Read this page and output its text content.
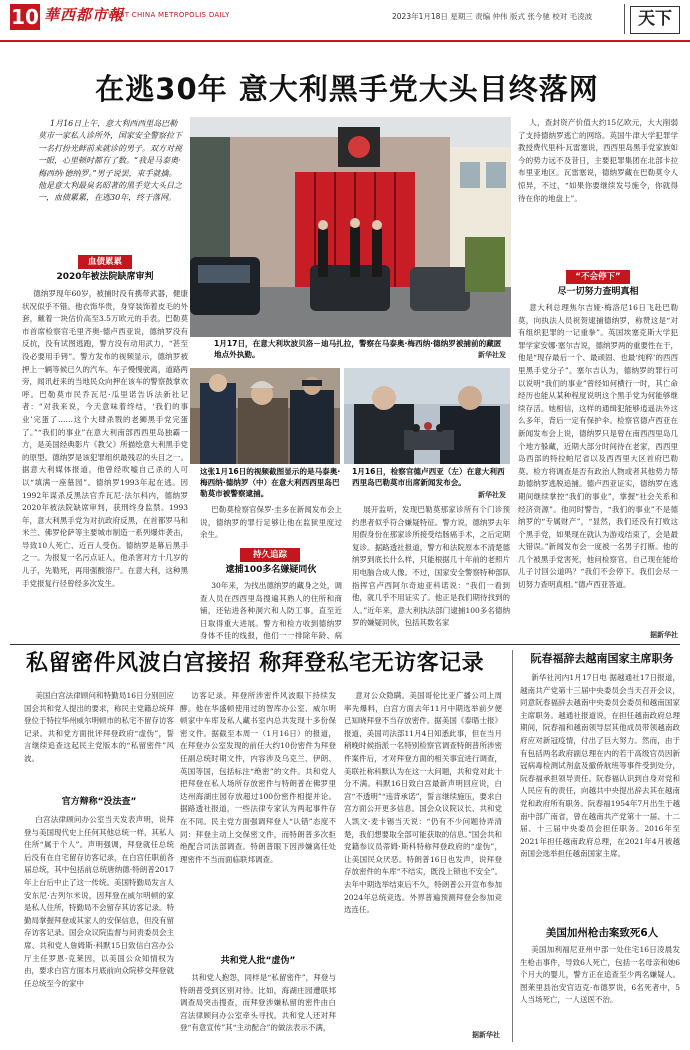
10 華西都市報
WEST CHINA METROPOLIS DAILY	2023年1月18日 星期三 责编 仲伟 版式 张今驰 校对 毛凌波	天下
在逃30年 意大利黑手党大头目终落网
1月16日上午，意大利西西里岛巴勒莫市一家私人诊所外，国家安全警察拉下一名打扮光鲜前来就诊的男子。双方对视一眼，心里顿时都有了数。“我是马泰奥·梅西纳·德纳罗。”男子说罢，束手就擒。他是意大利最臭名昭著的黑手党大头目之一，血债累累，在逃30年，终于落网。
血债累累
2020年被法院缺席审判
德纳罗现年60岁，被捕时没有携带武器，健康状况似乎不错。他衣饰华贵，身穿装饰着皮毛的外套，戴着一块估价高至3.5万欧元的手表。巴勒莫市首席检察官毛里齐奥·德卢西亚说，德纳罗没有反抗，没有试图逃跑，警方没有动用武力，“甚至没必要用手铐”。警方发布的视频显示，德纳罗被押上一辆等候已久的汽车。车子慢慢驶离，道路两旁，闻讯赶来的当地民众向押在该车的警察鼓掌欢呼。巴勒莫市民乔瓦尼·瓜里诺告诉法新社记者：“对我来说，今天意味着终结，‘我们的事业’完蛋了……这个大肆杀戮的老狮黑手党完蛋了。”“我们的事业”在意大利南部西西里岛独霸一方，是美国经典影片《教父》所描绘意大利黑手党的原型。德纳罗是该犯罪组织最残忍的头目之一。据意大利媒体报道，他曾经吹嘘自己杀的人可以“填满一座墓园”。德纳罗1993年起在逃。因1992年谋杀反黑法官乔瓦尼·法尔科内，德纳罗2020年被法院缺席审判，获刑终身监禁。1993年，意大利黑手党为对抗政府反黑，在首都罗马和米兰、佛罗伦萨等主要城市制造一系列爆炸袭击，导致10人死亡、近百人受伤。德纳罗是幕后黑手之一。为报复一名污点证人，他杀害对方十几岁的儿子，先勒死，再用强酸溶尸。在意大利，这种黑手党报复行径曾经多次发生。
1月17日，在意大利坎波贝洛－迪马扎拉，警察在马泰奥·梅西纳·德纳罗被捕前的藏匿地点外执勤。	新华社发
这张1月16日的视频截图显示的是马泰奥·梅西纳·德纳罗（中）在意大利西西里岛巴勒莫市被警察逮捕。
1月16日，检察官德卢西亚（左）在意大利西西里岛巴勒莫市出席新闻发布会。
新华社发
巴勒莫检察官保罗·圭多在新闻发布会上说，德纳罗的罪行足够让他在监狱里度过余生。
持久追踪
逮捕100多名嫌疑同伙
30年来，为找出德纳罗的藏身之处，调查人员在西西里岛搜遍其熟人的住所和商铺，还钻进各种洞穴和人防工事，直至近日取得重大进展。警方和检方收到德纳罗身体不佳的线报，他们一一排除年龄、病
展开监听，发现巴勒莫那家诊所有个门诊预约患者似乎符合嫌疑特征。警方说，德纳罗去年用假身份在那家诊所接受结肠癌手术，之后定期复诊。据路透社报道，警方和法院原本不清楚德纳罗到底长什么样，只能根据几十年前的老照片用电脑合成人像。不过，国家安全警察特种部队指挥官卢西阿尔奇迪亚科诺说：“我们一看到他，就几乎不用证实了。他正是我们期待找到的人。”近年来，意大利执法部门逮捕100多名德纳罗的嫌疑同伙，包括其数名家
人，查封资产价值大约15亿欧元，大大削弱了支持德纳罗逃亡的网络。英国牛津大学犯罪学教授费代里科·瓦雷塞说，西西里岛黑手党家族如今的势力远不及昔日，主要犯罪集团在北部卡拉布里亚地区。瓦雷塞说，德纳罗藏在巴勒莫令人惊异，不过，“如果你要继续发号施令，你就得待在你的地盘上”。
“不会停下”
尽一切努力查明真相
意大利总理焦尔吉娅·梅洛尼16日飞赴巴勒莫，向执法人员祝贺逮捕德纳罗，称赞这是“对有组织犯罪的一记重拳”。英国埃塞克斯大学犯罪学家安娜·塞尔吉说，德纳罗两的重要性在于，他是“现存最后一个、最顽固、也最‘纯粹’的西西里黑手党分子”。塞尔吉认为，德纳罗的罪行可以说明“我们的事业”曾经如何横行一时，其亡命经历也能从某种程度说明这个黑手党为何能够继续存活。她相信，这样的通缉犯能够逍遥法外这么多年，背后一定有保护伞。检察官德卢西亚在新闻发布会上说，德纳罗只是曾在南西西里岛几个地方躲藏，近期大部分时间待在老家，西西里岛西部的特拉帕尼省以及西西里大区首府巴勒莫。检方将调查是否有政治人物或者其他势力帮助德纳罗逃脱追捕。德卢西亚证实，德纳罗在逃期间继续掌控“我们的事业”，掌握“社会关系和经济资源”。他同时警告，“我们的事业”不是德纳罗的“专属财产”，“显然，我们还没有打败这个黑手党，如果现在就认为游戏结束了，会是最大错误。”新闻发布会一度被一名男子打断。他的几个被黑手党害死，他问检察官，自己现在能给儿子讨回公道吗？“我们不会停下。我们会尽一切努力查明真相。”德卢西亚答道。
据新华社
私留密件风波白宫接招 称拜登私宅无访客记录
美国白宫法律顾问和特勤局16日分别回应国会共和党人提出的要求，称民主党籍总统拜登位于特拉华州威尔明顿市的私宅不留存访客记录。共和党方面批评拜登政府“虚伪”，誓言继续追查这起民主党版本的“私留密件”风波。
官方辩称“没法查”
白宫法律顾问办公室当天发表声明，说拜登与美国现代史上任何其他总统一样，其私人住所“属于个人”。声明强调，拜登就任总统后没有在自宅留存访客记录，在白宫任职前各届总统，其中包括前总统唐纳德·特朗普2017年上台后中止了这一传统。美国特勤局发言人安东尼·古列尔米说，因拜登在威尔明顿的家是私人住所，特勤局不会留存其访客记录。特勤局掌握拜登或其家人的安保信息，但没有留存访客记录。国会众议院监督与问责委员会主席、共和党人詹姆斯·科默15日致信白宫办公厅主任罗恩·克莱因，以美国公众知情权为由，要求白宫方面本月底前向众院移交拜登就任总统至今的家中
访客记录。拜登所涉密件风波眼下持续发酵。他在华盛顿使用过的智库办公室、威尔明顿家中车库及私人藏书室内总共发现十多份保密文件。据截至本周一（1月16日）的报道，在拜登办公室发现的前任大约10份密件为拜登任副总统时期文件，内容涉及乌克兰、伊朗、英国等国，包括标注“绝密”的文件。共和党人把拜登在私人场所存放密件与特朗普在佛罗里达州海湖庄园存放超过100份密件相提并论。据路透社报道，一些法律专家认为两起事件存在不同。民主党方面强调拜登人“认错”态度不同：拜登主动上交保密文件，而特朗普多次拒绝配合司法部调查。特朗普眼下因涉嫌离任处理密件不当而面临联邦调查。
共和党人批“虚伪”
共和党人抱怨，同样是“私留密件”，拜登与特朗普受到区别对待。比如，海湖庄园遭联邦调查局突击搜查，而拜登涉嫌私留的密件由白宫法律顾问办公室牵头寻找。共和党人还对拜登“有意宣传”其“主动配合”的做法表示不满，
意对公众隐瞒。美国哥伦比亚广播公司上周率先爆料，白宫方面去年11月中期选举前夕便已知晓拜登不当存放密件。据美国《泰晤士报》报道，美国司法部11月4日知悉此事，但在当月稍晚时候指派一名特别检察官调查特朗普所涉密件案件后，才对拜登方面的相关事宜进行调查，美联社称科默认为在这一大问题，共和党对此十分不满。科默16日致白宫最新声明回应说，白宫“不透明”“违背承诺”，誓言继续施压，要求白宫方面公开更多信息。国会众议院议长、共和党人凯文·麦卡锡当天说：“仍有不少问题待弄清楚，我们想要取全部可能获取的信息。”国会共和党籍参议员蒂姆·斯科特称拜登政府的“虚伪”，让美国民众厌恶。特朗普16日也发声，说拜登存放密件的车库“不结实，既没上锁也不安全”。去年中期选举结束后不久，特朗普公开宣布参加2024年总统竞选。外界普遍预测拜登会参加竞选连任。
据新华社
阮春福辞去越南国家主席职务
新华社河内1月17日电 据越通社17日报道，越南共产党第十三届中央委员会当天召开会议，同意阮春福辞去越南中央委员会委员和越南国家主席职务。越通社报道说，在担任越南政府总理期间，阮春福和越南领导层其他成员带领越南政府应对新冠疫情，付出了巨大努力。然而，由于有包括两名政府副总理在内的若干高级官员因新冠病毒检测试剂盒及撤侨航班等事件受到处分，阮春福承担领导责任。阮春福认识到自身对党和人民应有的责任，向越共中央提出辞去其在越南党和政府所有职务。阮春福1954年7月出生于越南中部广南省，曾在越南共产党第十一届、十二届、十三届中央委员会担任职务。2016年至2021年担任越南政府总理，在2021年4月被越南国会选举担任越南国家主席。
美国加州枪击案致死6人
美国加利福尼亚州中部一处住宅16日凌晨发生枪击事件，导致6人死亡，包括一名母亲和她6个月大的婴儿，警方正在追查至少两名嫌疑人。图莱里县治安官迈克·布德罗说，6名死者中，5人当场死亡，一人送医不治。
